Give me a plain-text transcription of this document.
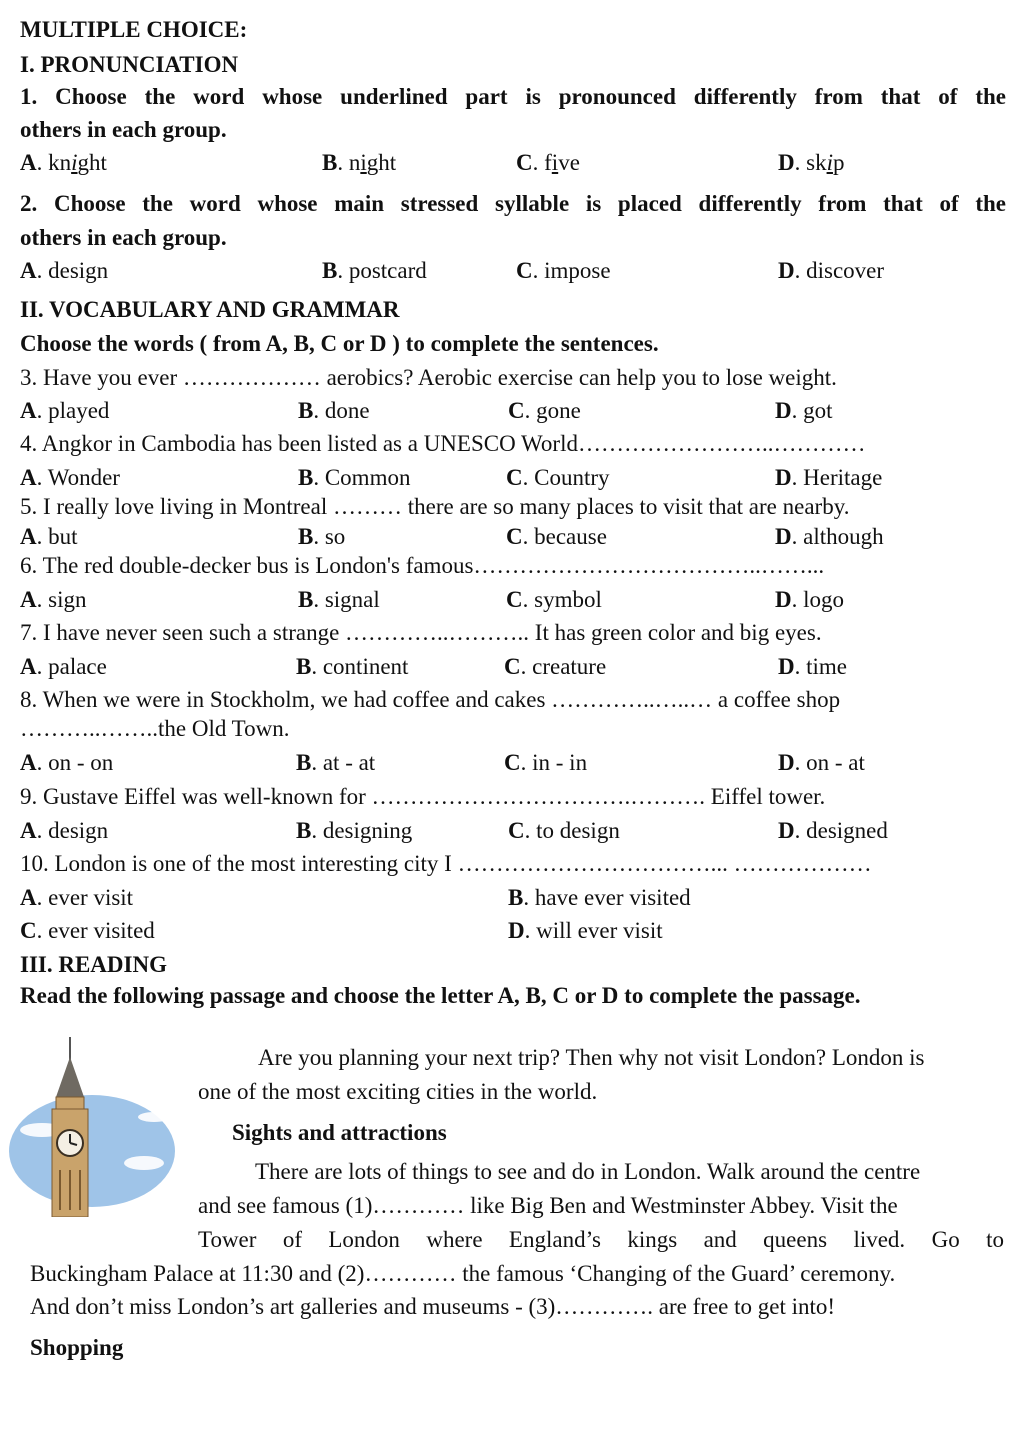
MULTIPLE CHOICE:
I. PRONUNCIATION
1. Choose the word whose underlined part is pronounced differently from that of the
others in each group.
A. knight	B. night	C. five	D. skip
2. Choose the word whose main stressed syllable is placed differently from that of the
others in each group.
A. design	B. postcard	C. impose	D. discover
II. VOCABULARY AND GRAMMAR
Choose the words ( from A, B, C or D ) to complete the sentences.
3. Have you ever ……………… aerobics? Aerobic exercise can help you to lose weight.
A. played	B. done	C. gone	D. got
4. Angkor in Cambodia has been listed as a UNESCO World……………………..…………
A. Wonder	B. Common	C. Country	D. Heritage
5. I really love living in Montreal ……… there are so many places to visit that are nearby.
A. but	B. so	C. because	D. although
6. The red double-decker bus is London's famous………………………………..……...
A. sign	B. signal	C. symbol	D. logo
7. I have never seen such a strange …………..……….. It has green color and big eyes.
A. palace	B. continent	C. creature	D. time
8. When we were in Stockholm, we had coffee and cakes …………..…..… a coffee shop
………..……..the Old Town.
A. on - on	B. at - at	C. in - in	D. on - at
9. Gustave Eiffel was well-known for …………………………….………. Eiffel tower.
A. design	B. designing	C. to design	D. designed
10. London is one of the most interesting city I ……………………………... ………………
A. ever visit	B. have ever visited
C. ever visited	D. will ever visit
III. READING
Read the following passage and choose the letter A, B, C or D to complete the passage.
Are you planning your next trip? Then why not visit London? London is
one of the most exciting cities in the world.
Sights and attractions
There are lots of things to see and do in London. Walk around the centre
and see famous (1)………… like Big Ben and Westminster Abbey. Visit the
Tower of London where England’s kings and queens lived. Go to
Buckingham Palace at 11:30 and (2)………… the famous ‘Changing of the Guard’ ceremony.
And don’t miss London’s art galleries and museums - (3)…………. are free to get into!
Shopping
